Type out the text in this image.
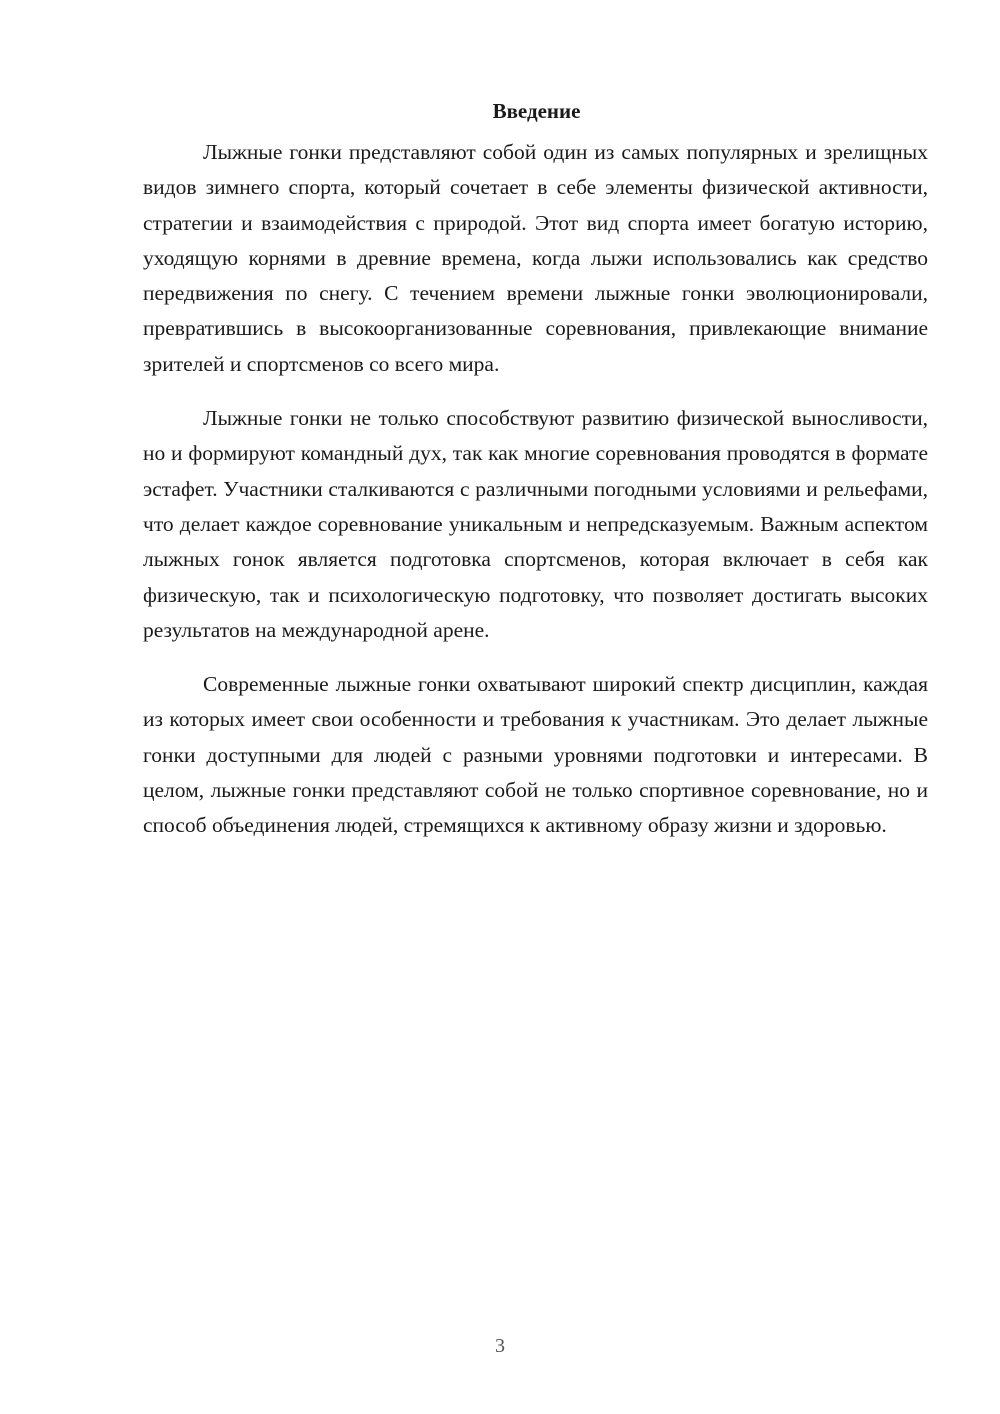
Введение

Лыжные гонки представляют собой один из самых популярных и зрелищных видов зимнего спорта, который сочетает в себе элементы физической активности, стратегии и взаимодействия с природой. Этот вид спорта имеет богатую историю, уходящую корнями в древние времена, когда лыжи использовались как средство передвижения по снегу. С течением времени лыжные гонки эволюционировали, превратившись в высокоорганизованные соревнования, привлекающие внимание зрителей и спортсменов со всего мира.

Лыжные гонки не только способствуют развитию физической выносливости, но и формируют командный дух, так как многие соревнования проводятся в формате эстафет. Участники сталкиваются с различными погодными условиями и рельефами, что делает каждое соревнование уникальным и непредсказуемым. Важным аспектом лыжных гонок является подготовка спортсменов, которая включает в себя как физическую, так и психологическую подготовку, что позволяет достигать высоких результатов на международной арене.

Современные лыжные гонки охватывают широкий спектр дисциплин, каждая из которых имеет свои особенности и требования к участникам. Это делает лыжные гонки доступными для людей с разными уровнями подготовки и интересами. В целом, лыжные гонки представляют собой не только спортивное соревнование, но и способ объединения людей, стремящихся к активному образу жизни и здоровью.

3
